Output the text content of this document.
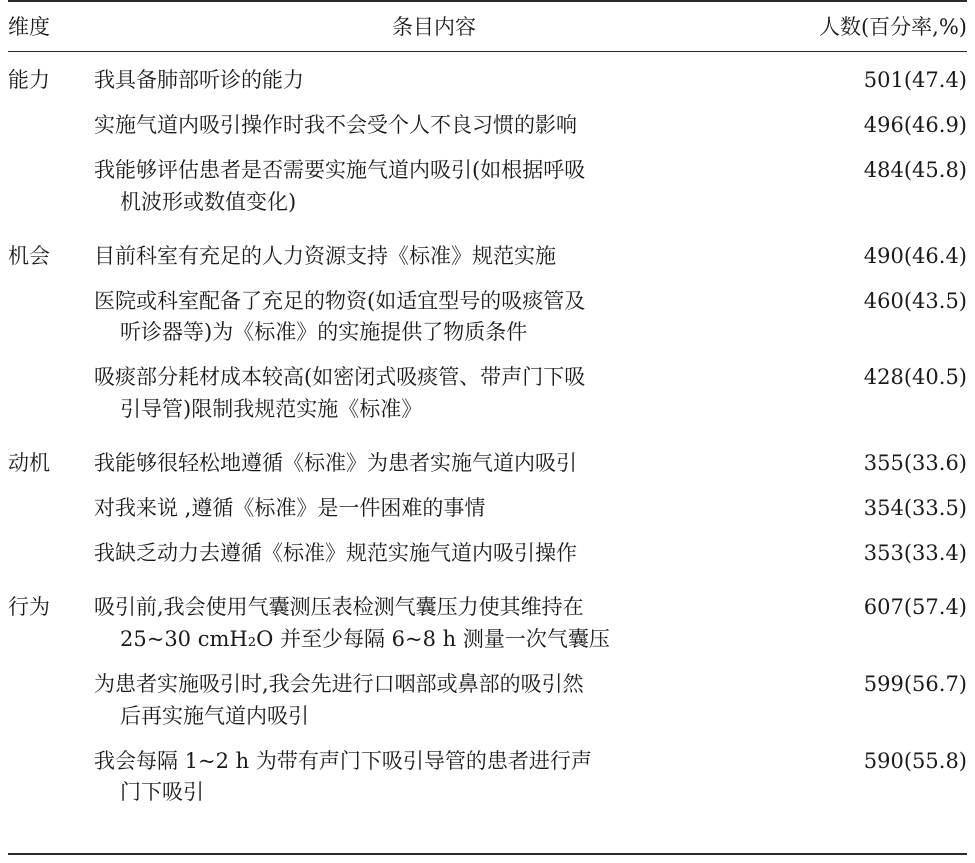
维度	条目内容	人数(百分率,%)

能力	我具备肺部听诊的能力	501(47.4)

	实施气道内吸引操作时我不会受个人不良习惯的影响	496(46.9)

	我能够评估患者是否需要实施气道内吸引(如根据呼吸
机波形或数值变化)	484(45.8)

机会	目前科室有充足的人力资源支持《标准》规范实施	490(46.4)

	医院或科室配备了充足的物资(如适宜型号的吸痰管及
听诊器等)为《标准》的实施提供了物质条件	460(43.5)

	吸痰部分耗材成本较高(如密闭式吸痰管、带声门下吸
引导管)限制我规范实施《标准》	428(40.5)

动机	我能够很轻松地遵循《标准》为患者实施气道内吸引	355(33.6)

	对我来说 ,遵循《标准》是一件困难的事情	354(33.5)

	我缺乏动力去遵循《标准》规范实施气道内吸引操作	353(33.4)

行为	吸引前,我会使用气囊测压表检测气囊压力使其维持在
25~30 cmH₂O 并至少每隔 6~8 h 测量一次气囊压	607(57.4)

	为患者实施吸引时,我会先进行口咽部或鼻部的吸引然
后再实施气道内吸引	599(56.7)

	我会每隔 1~2 h 为带有声门下吸引导管的患者进行声
门下吸引	590(55.8)
